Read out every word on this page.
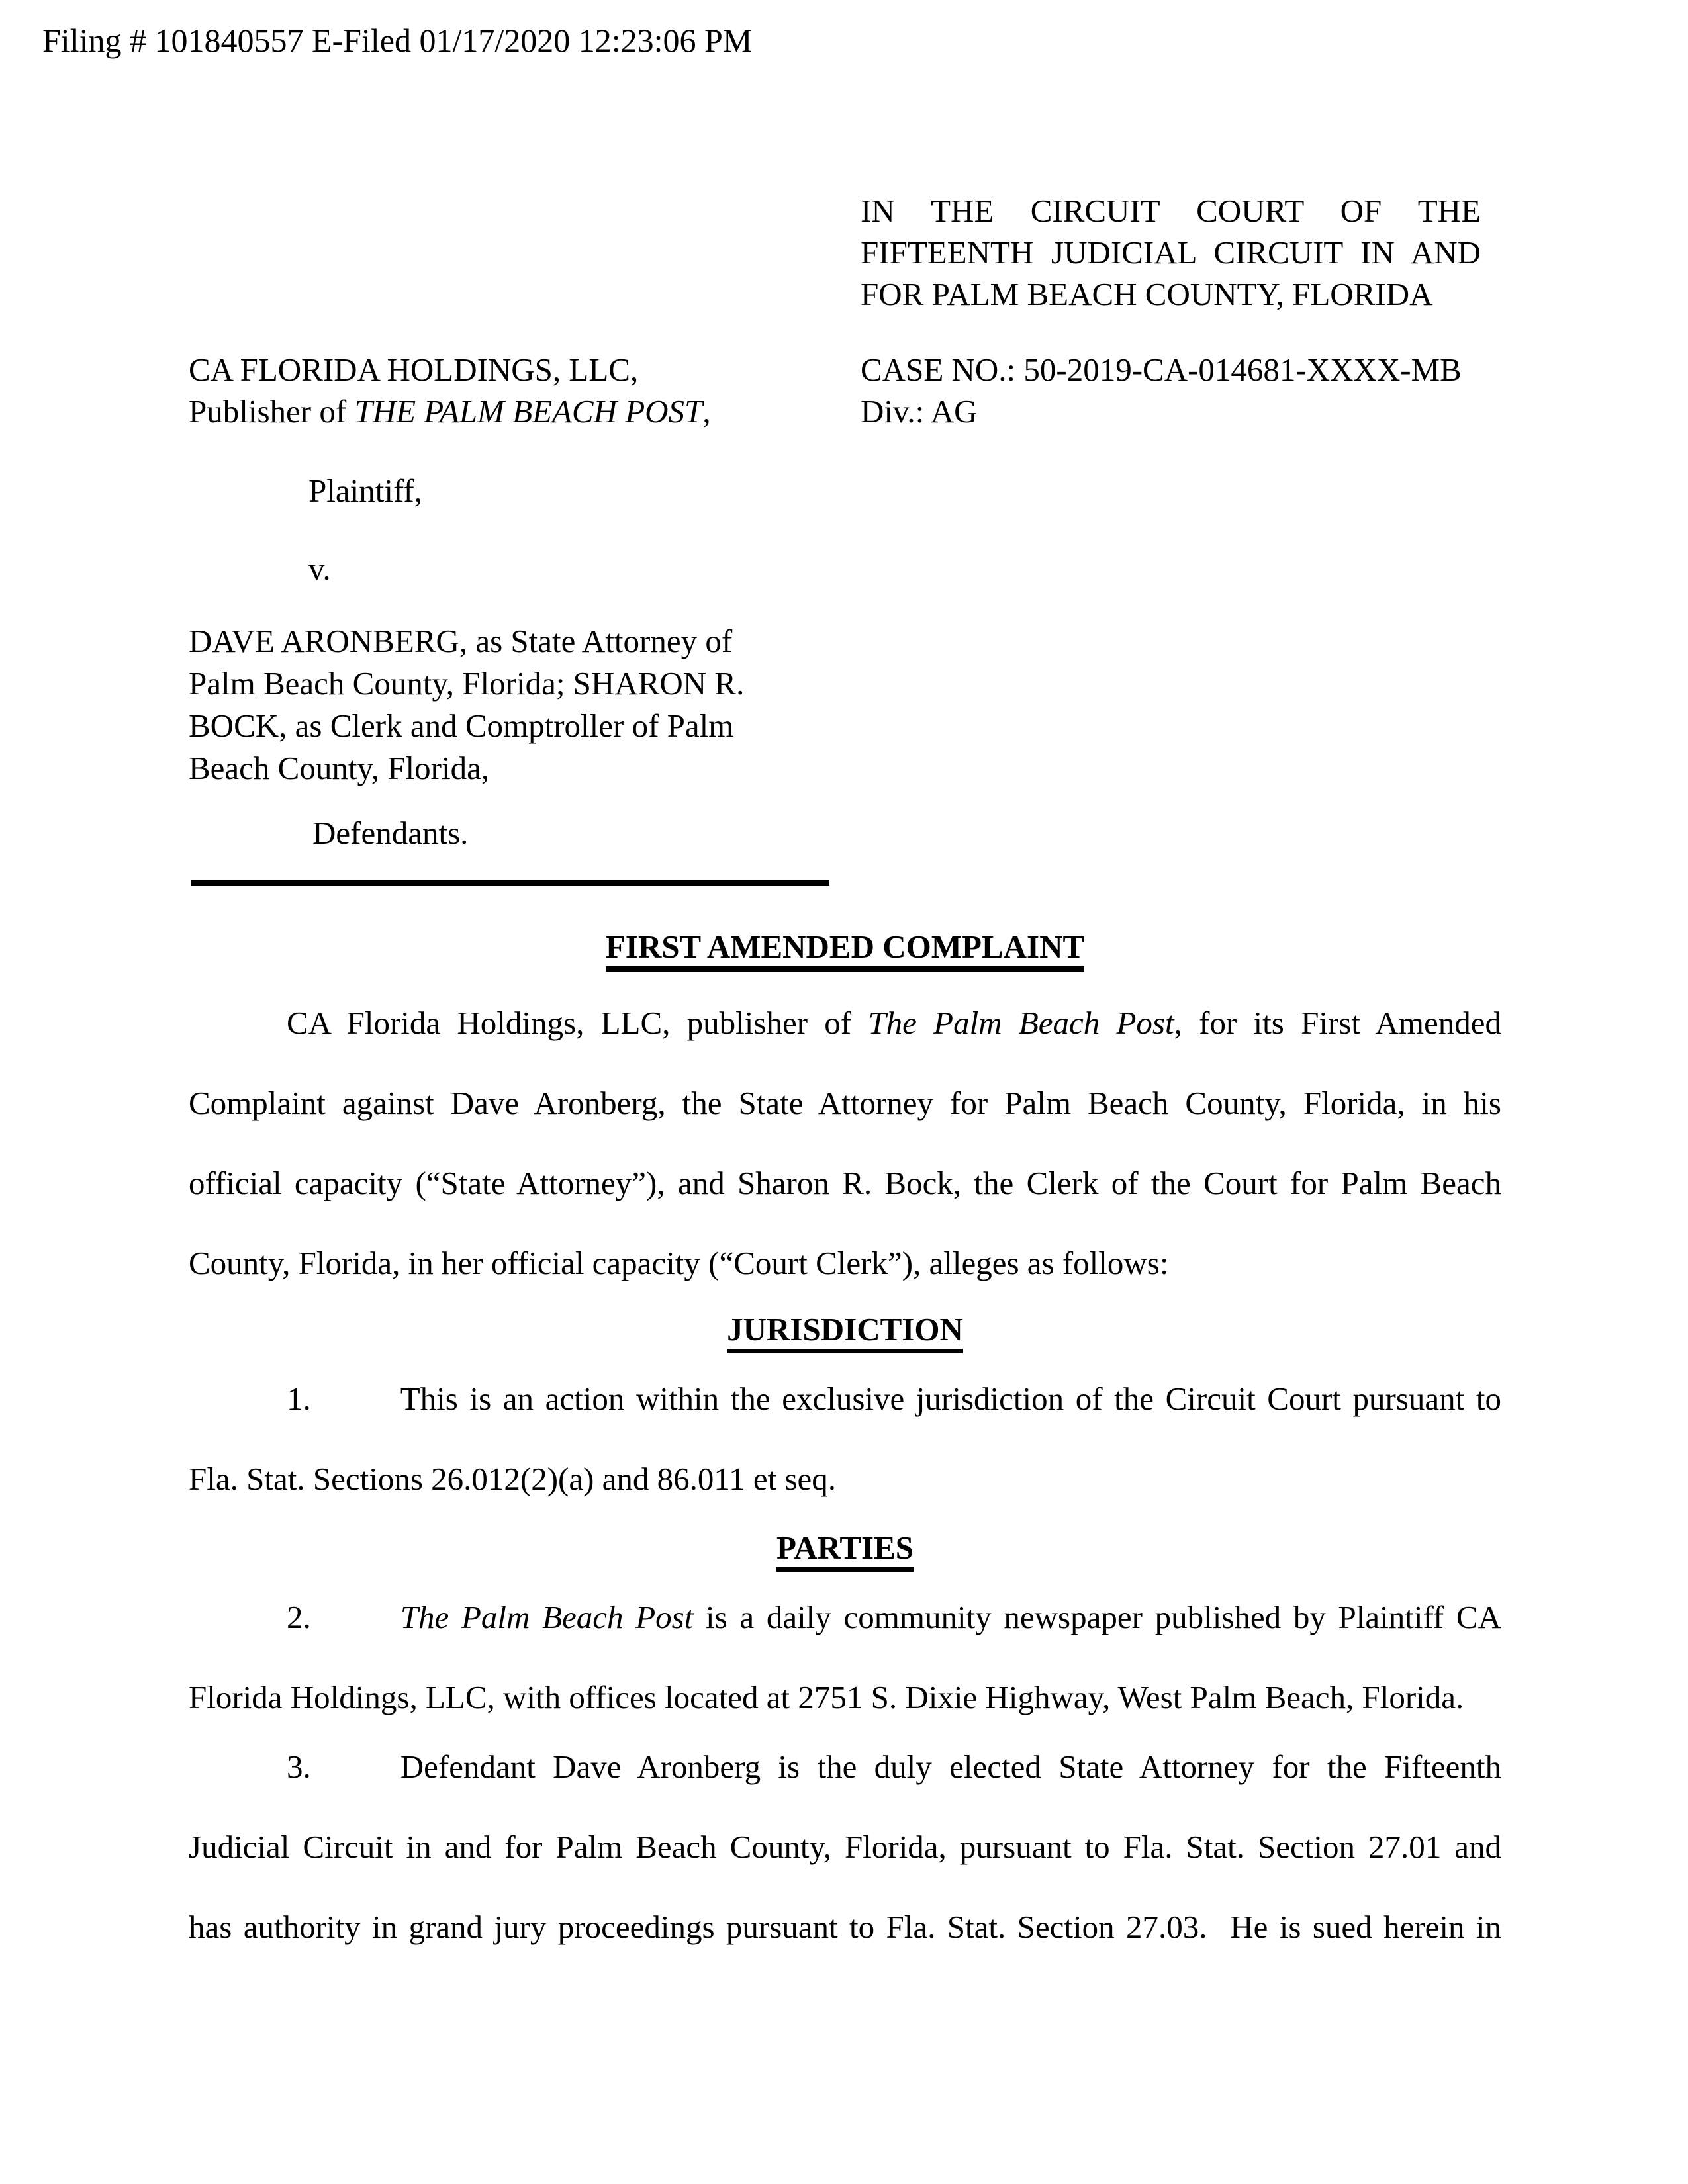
Filing # 101840557 E-Filed 01/17/2020 12:23:06 PM
IN THE CIRCUIT COURT OF THE
FIFTEENTH JUDICIAL CIRCUIT IN AND
FOR PALM BEACH COUNTY, FLORIDA
CA FLORIDA HOLDINGS, LLC,
Publisher of THE PALM BEACH POST,
CASE NO.: 50-2019-CA-014681-XXXX-MB
Div.: AG
Plaintiff,
v.
DAVE ARONBERG, as State Attorney of
Palm Beach County, Florida; SHARON R.
BOCK, as Clerk and Comptroller of Palm
Beach County, Florida,
Defendants.
FIRST AMENDED COMPLAINT
CA Florida Holdings, LLC, publisher of The Palm Beach Post, for its First Amended
Complaint against Dave Aronberg, the State Attorney for Palm Beach County, Florida, in his
official capacity (“State Attorney”), and Sharon R. Bock, the Clerk of the Court for Palm Beach
County, Florida, in her official capacity (“Court Clerk”), alleges as follows:
JURISDICTION
1.	This is an action within the exclusive jurisdiction of the Circuit Court pursuant to
Fla. Stat. Sections 26.012(2)(a) and 86.011 et seq.
PARTIES
2.	The Palm Beach Post is a daily community newspaper published by Plaintiff CA
Florida Holdings, LLC, with offices located at 2751 S. Dixie Highway, West Palm Beach, Florida.
3.	Defendant Dave Aronberg is the duly elected State Attorney for the Fifteenth
Judicial Circuit in and for Palm Beach County, Florida, pursuant to Fla. Stat. Section 27.01 and
has authority in grand jury proceedings pursuant to Fla. Stat. Section 27.03.  He is sued herein in
